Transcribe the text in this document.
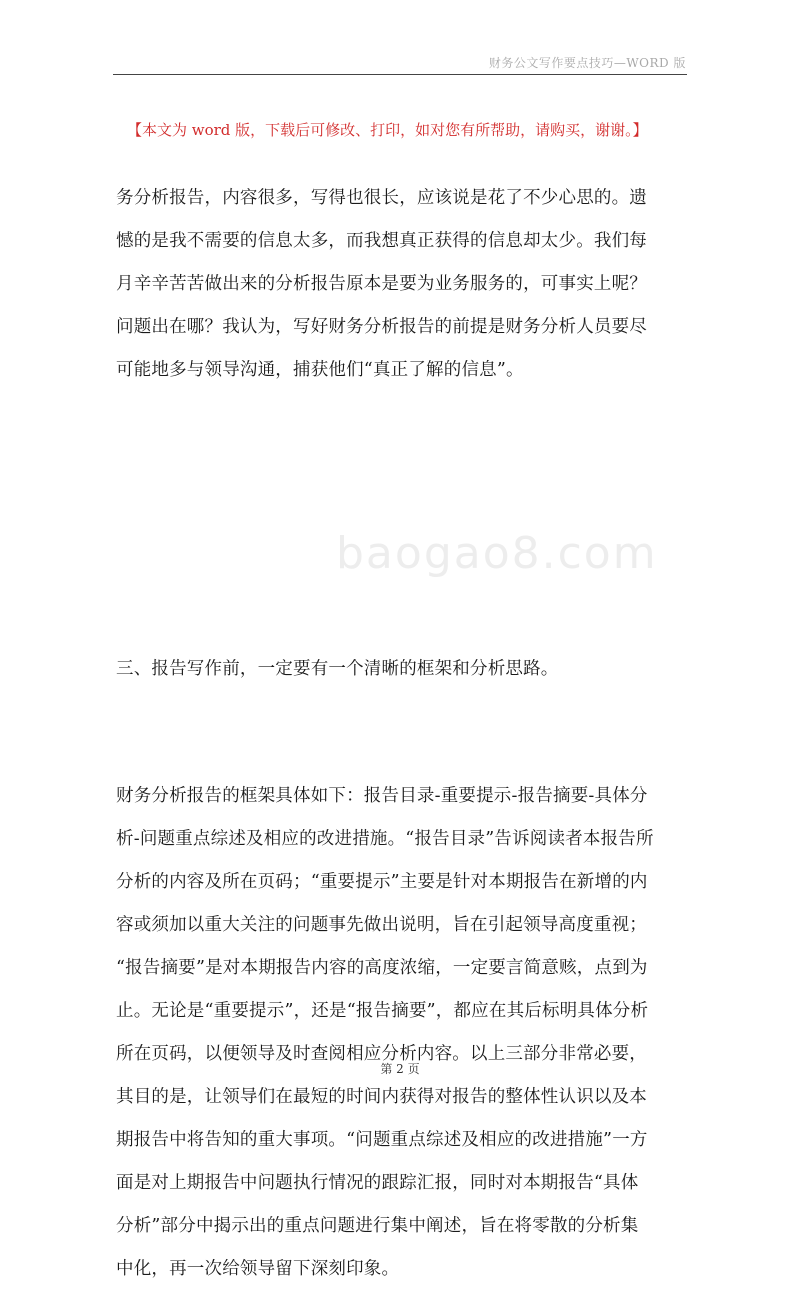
财务公文写作要点技巧—WORD 版
baogao8.com
【本文为 word 版，下载后可修改、打印，如对您有所帮助，请购买，谢谢。】
务分析报告，内容很多，写得也很长，应该说是花了不少心思的。遗
憾的是我不需要的信息太多，而我想真正获得的信息却太少。我们每
月辛辛苦苦做出来的分析报告原本是要为业务服务的，可事实上呢？
问题出在哪？我认为，写好财务分析报告的前提是财务分析人员要尽
可能地多与领导沟通，捕获他们“真正了解的信息”。
三、报告写作前，一定要有一个清晰的框架和分析思路。
财务分析报告的框架具体如下：报告目录-重要提示-报告摘要-具体分
析-问题重点综述及相应的改进措施。“报告目录”告诉阅读者本报告所
分析的内容及所在页码；“重要提示”主要是针对本期报告在新增的内
容或须加以重大关注的问题事先做出说明，旨在引起领导高度重视；
“报告摘要”是对本期报告内容的高度浓缩，一定要言简意赅，点到为
止。无论是“重要提示”，还是“报告摘要”，都应在其后标明具体分析
所在页码，以便领导及时查阅相应分析内容。以上三部分非常必要，
其目的是，让领导们在最短的时间内获得对报告的整体性认识以及本
期报告中将告知的重大事项。“问题重点综述及相应的改进措施”一方
面是对上期报告中问题执行情况的跟踪汇报，同时对本期报告“具体
分析”部分中揭示出的重点问题进行集中阐述，旨在将零散的分析集
中化，再一次给领导留下深刻印象。
第 2 页
